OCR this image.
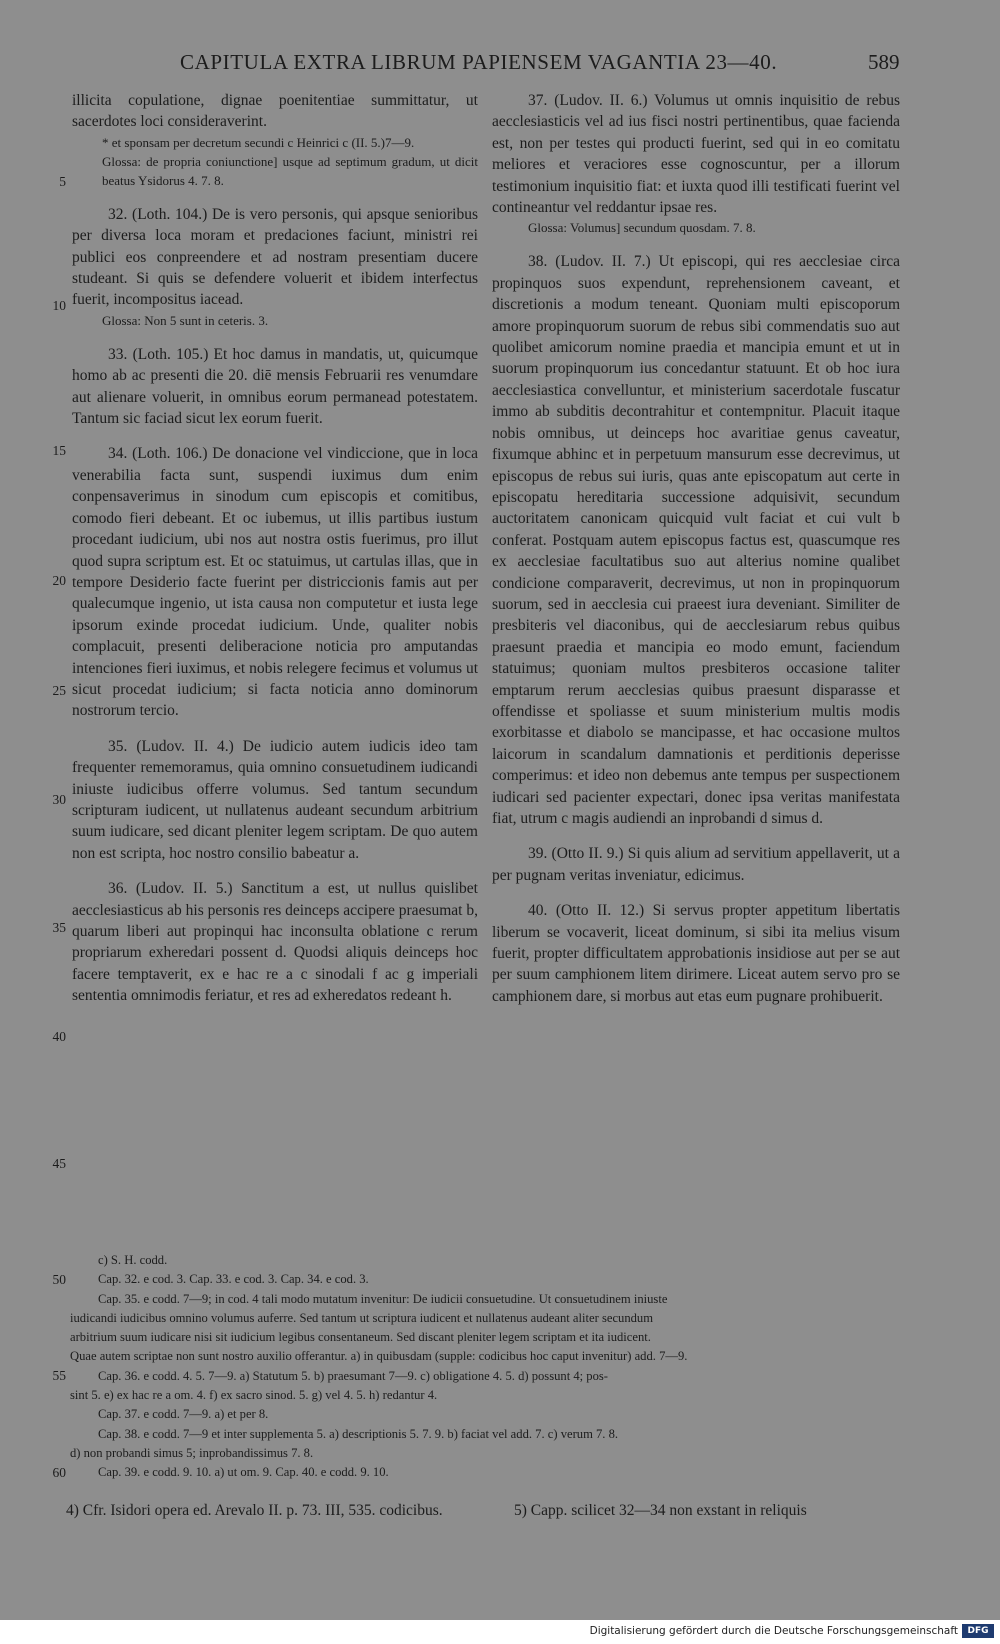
CAPITULA EXTRA LIBRUM PAPIENSEM VAGANTIA 23—40.	589

illicita copulatione, dignae poenitentiae summittatur, ut sacerdotes loci consideraverint.

* et sponsam per decretum secundi c Heinrici c (II. 5.)7—9.

Glossa: de propria coniunctione] usque ad septimum gradum, ut dicit beatus Ysidorus 4. 7. 8.

32. (Loth. 104.) De is vero personis, qui apsque senioribus per diversa loca moram et predaciones faciunt, ministri rei publici eos conpreendere et ad nostram presentiam ducere studeant. Si quis se defendere voluerit et ibidem interfectus fuerit, incompositus iacead.

Glossa: Non 5 sunt in ceteris. 3.

33. (Loth. 105.) Et hoc damus in mandatis, ut, quicumque homo ab ac presenti die 20. diē mensis Februarii res venumdare aut alienare voluerit, in omnibus eorum permanead potestatem. Tantum sic faciad sicut lex eorum fuerit.

34. (Loth. 106.) De donacione vel vindiccione, que in loca venerabilia facta sunt, suspendi iuximus dum enim conpensaverimus in sinodum cum episcopis et comitibus, comodo fieri debeant. Et oc iubemus, ut illis partibus iustum procedant iudicium, ubi nos aut nostra ostis fuerimus, pro illut quod supra scriptum est. Et oc statuimus, ut cartulas illas, que in tempore Desiderio facte fuerint per districcionis famis aut per qualecumque ingenio, ut ista causa non computetur et iusta lege ipsorum exinde procedat iudicium. Unde, qualiter nobis complacuit, presenti deliberacione noticia pro amputandas intenciones fieri iuximus, et nobis relegere fecimus et volumus ut sicut procedat iudicium; si facta noticia anno dominorum nostrorum tercio.

35. (Ludov. II. 4.) De iudicio autem iudicis ideo tam frequenter rememoramus, quia omnino consuetudinem iudicandi iniuste iudicibus offerre volumus. Sed tantum secundum scripturam iudicent, ut nullatenus audeant secundum arbitrium suum iudicare, sed dicant pleniter legem scriptam. De quo autem non est scripta, hoc nostro consilio babeatur a.

36. (Ludov. II. 5.) Sanctitum a est, ut nullus quislibet aecclesiasticus ab his personis res deinceps accipere praesumat b, quarum liberi aut propinqui hac inconsulta oblatione c rerum propriarum exheredari possent d. Quodsi aliquis deinceps hoc facere temptaverit, ex e hac re a c sinodali f ac g imperiali sententia omnimodis feriatur, et res ad exheredatos redeant h.

37. (Ludov. II. 6.) Volumus ut omnis inquisitio de rebus aecclesiasticis vel ad ius fisci nostri pertinentibus, quae facienda est, non per testes qui producti fuerint, sed qui in eo comitatu meliores et veraciores esse cognoscuntur, per a illorum testimonium inquisitio fiat: et iuxta quod illi testificati fuerint vel contineantur vel reddantur ipsae res.

Glossa: Volumus] secundum quosdam. 7. 8.

38. (Ludov. II. 7.) Ut episcopi, qui res aecclesiae circa propinquos suos expendunt, reprehensionem caveant, et discretionis a modum teneant. Quoniam multi episcoporum amore propinquorum suorum de rebus sibi commendatis suo aut quolibet amicorum nomine praedia et mancipia emunt et ut in suorum propinquorum ius concedantur statuunt. Et ob hoc iura aecclesiastica convelluntur, et ministerium sacerdotale fuscatur immo ab subditis decontrahitur et contempnitur. Placuit itaque nobis omnibus, ut deinceps hoc avaritiae genus caveatur, fixumque abhinc et in perpetuum mansurum esse decrevimus, ut episcopus de rebus sui iuris, quas ante episcopatum aut certe in episcopatu hereditaria successione adquisivit, secundum auctoritatem canonicam quicquid vult faciat et cui vult b conferat. Postquam autem episcopus factus est, quascumque res ex aecclesiae facultatibus suo aut alterius nomine qualibet condicione comparaverit, decrevimus, ut non in propinquorum suorum, sed in aecclesia cui praeest iura deveniant. Similiter de presbiteris vel diaconibus, qui de aecclesiarum rebus quibus praesunt praedia et mancipia eo modo emunt, faciendum statuimus; quoniam multos presbiteros occasione taliter emptarum rerum aecclesias quibus praesunt disparasse et offendisse et spoliasse et suum ministerium multis modis exorbitasse et diabolo se mancipasse, et hac occasione multos laicorum in scandalum damnationis et perditionis deperisse comperimus: et ideo non debemus ante tempus per suspectionem iudicari sed pacienter expectari, donec ipsa veritas manifestata fiat, utrum c magis audiendi an inprobandi d simus d.

39. (Otto II. 9.) Si quis alium ad servitium appellaverit, ut a per pugnam veritas inveniatur, edicimus.

40. (Otto II. 12.) Si servus propter appetitum libertatis liberum se vocaverit, liceat dominum, si sibi ita melius visum fuerit, propter difficultatem approbationis insidiose aut per se aut per suum camphionem litem dirimere. Liceat autem servo pro se camphionem dare, si morbus aut etas eum pugnare prohibuerit.

5
10
15
20
25
30
35
40
45
50
55
60
c) S. H. codd.
Cap. 32. e cod. 3. Cap. 33. e cod. 3. Cap. 34. e cod. 3.
Cap. 35. e codd. 7—9; in cod. 4 tali modo mutatum invenitur: De iudicii consuetudine. Ut consuetudinem iniuste
iudicandi iudicibus omnino volumus auferre. Sed tantum ut scriptura iudicent et nullatenus audeant aliter secundum
arbitrium suum iudicare nisi sit iudicium legibus consentaneum. Sed discant pleniter legem scriptam et ita iudicent.
Quae autem scriptae non sunt nostro auxilio offerantur. a) in quibusdam (supple: codicibus hoc caput invenitur) add. 7—9.
Cap. 36. e codd. 4. 5. 7—9. a) Statutum 5. b) praesumant 7—9. c) obligatione 4. 5. d) possunt 4; pos-
sint 5. e) ex hac re a om. 4. f) ex sacro sinod. 5. g) vel 4. 5. h) redantur 4.
Cap. 37. e codd. 7—9. a) et per 8.
Cap. 38. e codd. 7—9 et inter supplementa 5. a) descriptionis 5. 7. 9. b) faciat vel add. 7. c) verum 7. 8.
d) non probandi simus 5; inprobandissimus 7. 8.
Cap. 39. e codd. 9. 10. a) ut om. 9. Cap. 40. e codd. 9. 10.
4) Cfr. Isidori opera ed. Arevalo II. p. 73. III, 535. codicibus.	5) Capp. scilicet 32—34 non exstant in reliquis
Digitalisierung gefördert durch die Deutsche Forschungsgemeinschaft	DFG
